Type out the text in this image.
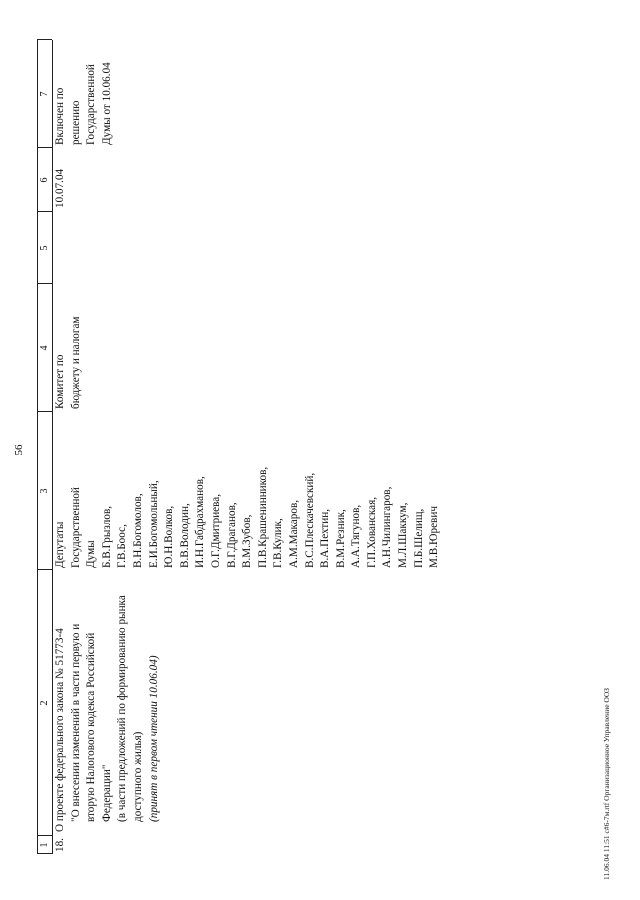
56
1
2
3
4
5
6
7
18.
О проекте федерального закона № 51773-4 "О внесении изменений в части первую и вторую Налогового кодекса Российской Федерации" (в части предложений по формированию рынка доступного жилья) (принят в первом чтении 10.06.04)
Депутаты Государственной Думы Б.В.Грызлов, Г.В.Боос, В.Н.Богомолов, Е.И.Богомольный, Ю.Н.Волков, В.В.Володин, И.Н.Габдрахманов, О.Г.Дмитриева, В.Г.Драганов, В.М.Зубов, П.В.Крашенинников, Г.В.Кулик, А.М.Макаров, В.С.Плескачевский, В.А.Пехтин, В.М.Резник, А.А.Тягунов, Г.П.Хованская, А.Н.Чилингаров, М.Л.Шаккум, П.Б.Шелищ, М.В.Юревич
Комитет по бюджету и налогам
10.07.04
Включен по решению Государственной Думы от 10.06.04
11.06.04 11:51 с#6-7м.rtf Организационное Управление ООЗ
